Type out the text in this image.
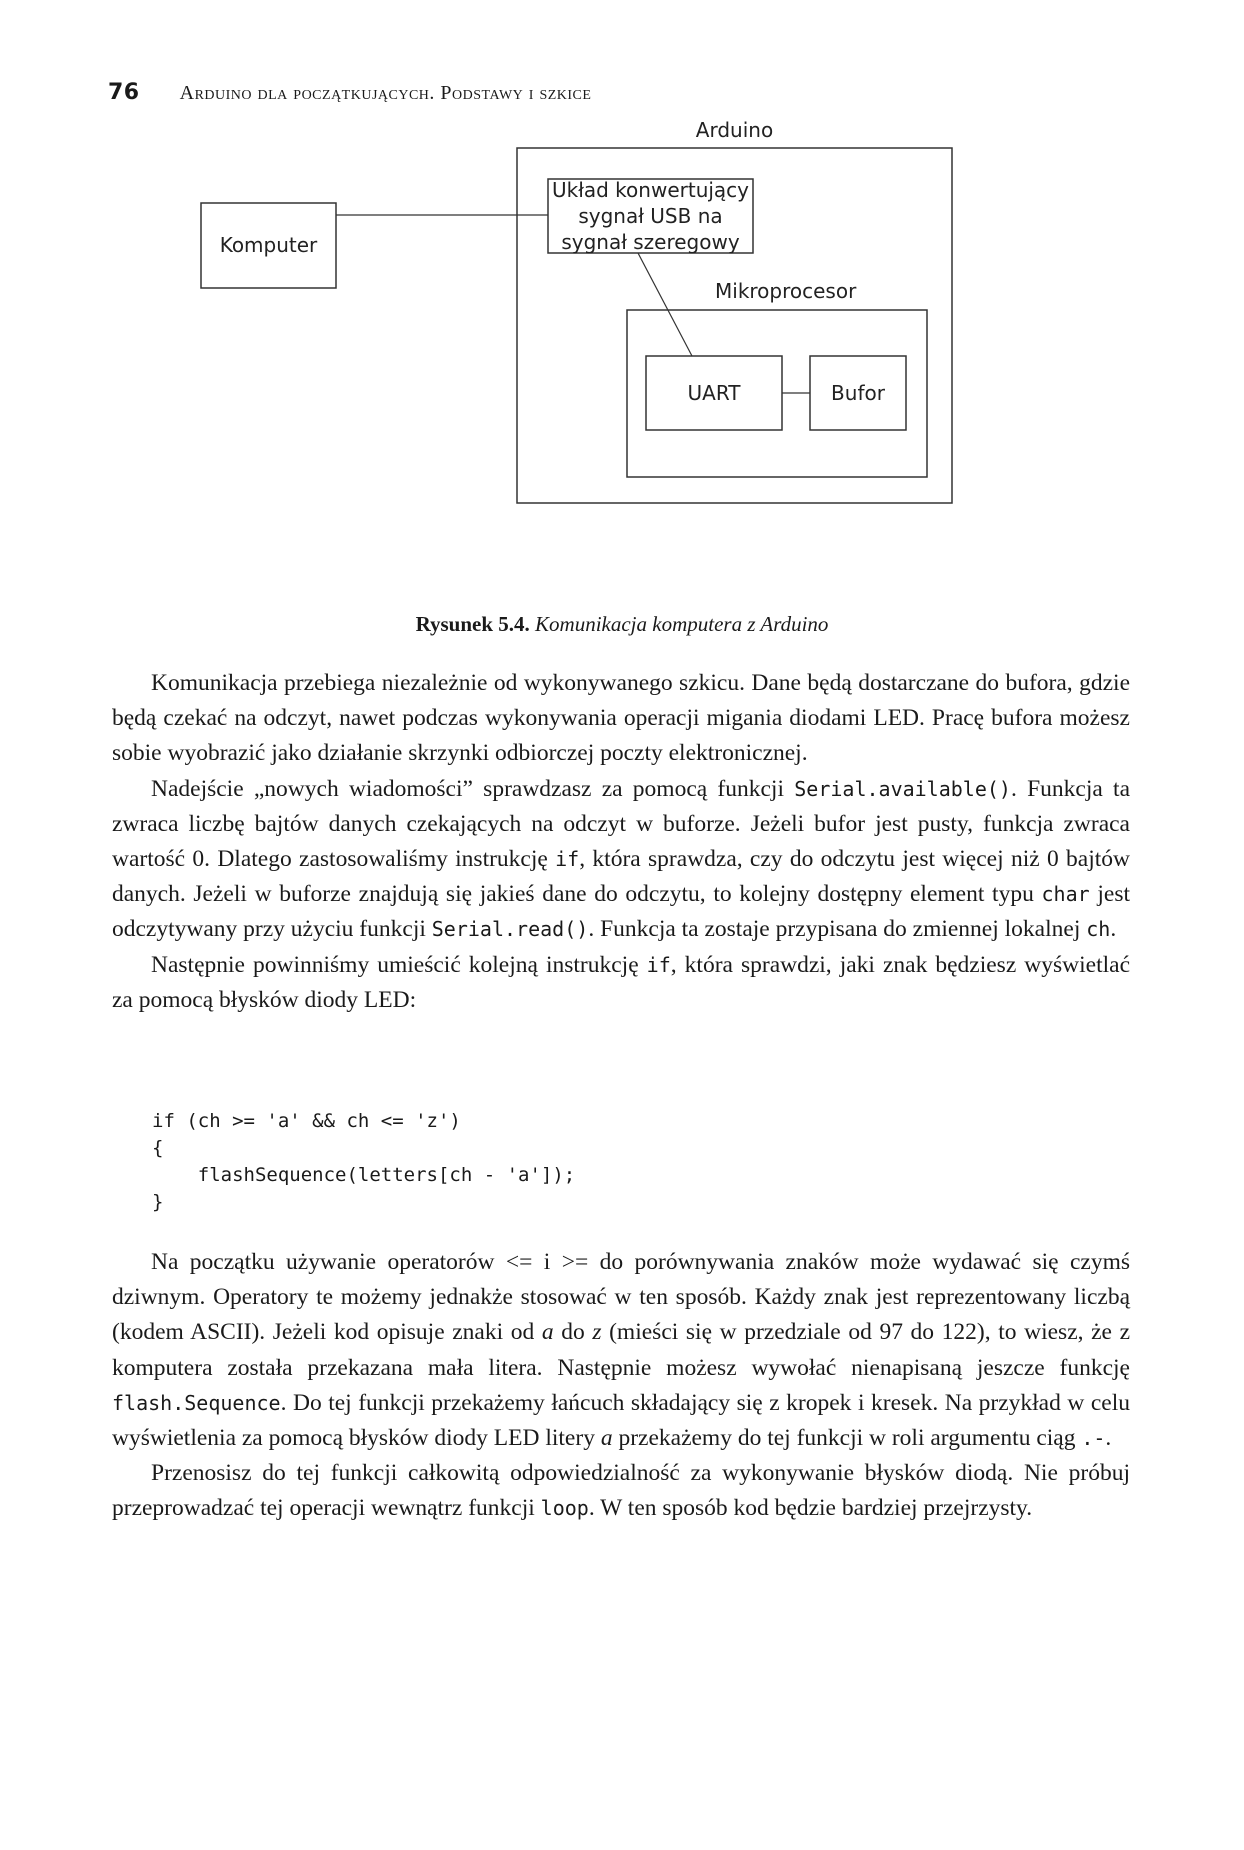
76 Arduino dla początkujących. Podstawy i szkice
Arduino
Komputer
Układ konwertujący
sygnał USB na
sygnał szeregowy
Mikroprocesor
UART	Bufor
Rysunek 5.4. Komunikacja komputera z Arduino

Komunikacja przebiega niezależnie od wykonywanego szkicu. Dane będą dostarczane do bufora, gdzie będą czekać na odczyt, nawet podczas wykonywania operacji migania diodami LED. Pracę bufora możesz sobie wyobrazić jako działanie skrzynki odbiorczej poczty elektronicznej.

Nadejście „nowych wiadomości” sprawdzasz za pomocą funkcji Serial.available(). Funkcja ta zwraca liczbę bajtów danych czekających na odczyt w buforze. Jeżeli bufor jest pusty, funkcja zwraca wartość 0. Dlatego zastosowaliśmy instrukcję if, która sprawdza, czy do odczytu jest więcej niż 0 bajtów danych. Jeżeli w buforze znajdują się jakieś dane do odczytu, to kolejny dostępny element typu char jest odczytywany przy użyciu funkcji Serial.read(). Funkcja ta zostaje przypisana do zmiennej lokalnej ch.

Następnie powinniśmy umieścić kolejną instrukcję if, która sprawdzi, jaki znak będziesz wyświetlać za pomocą błysków diody LED:

if (ch >= 'a' && ch <= 'z')
{
flashSequence(letters[ch - 'a']);
}

Na początku używanie operatorów <= i >= do porównywania znaków może wydawać się czymś dziwnym. Operatory te możemy jednakże stosować w ten sposób. Każdy znak jest reprezentowany liczbą (kodem ASCII). Jeżeli kod opisuje znaki od a do z (mieści się w przedziale od 97 do 122), to wiesz, że z komputera została przekazana mała litera. Następnie możesz wywołać nienapisaną jeszcze funkcję flash.Sequence. Do tej funkcji przekażemy łańcuch składający się z kropek i kresek. Na przykład w celu wyświetlenia za pomocą błysków diody LED litery a przekażemy do tej funkcji w roli argumentu ciąg .-.

Przenosisz do tej funkcji całkowitą odpowiedzialność za wykonywanie błysków diodą. Nie próbuj przeprowadzać tej operacji wewnątrz funkcji loop. W ten sposób kod będzie bardziej przejrzysty.
